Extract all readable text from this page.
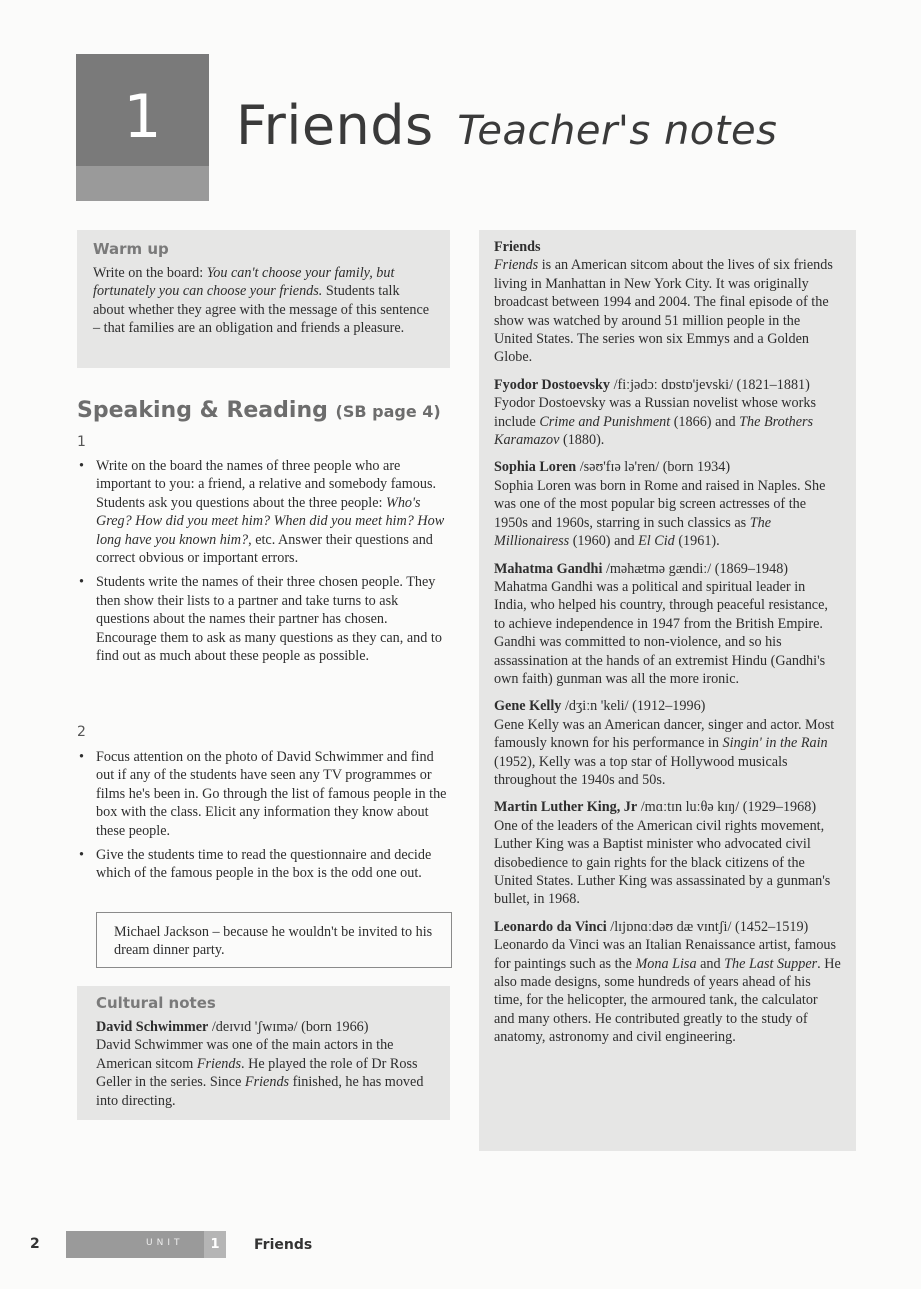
1	Friends Teacher's notes
Warm up

Write on the board: You can't choose your family, but fortunately you can choose your friends. Students talk about whether they agree with the message of this sentence – that families are an obligation and friends a pleasure.

Speaking & Reading (SB page 4)
1
• Write on the board the names of three people who are important to you: a friend, a relative and somebody famous. Students ask you questions about the three people: Who's Greg? How did you meet him? When did you meet him? How long have you known him?, etc. Answer their questions and correct obvious or important errors.
• Students write the names of their three chosen people. They then show their lists to a partner and take turns to ask questions about the names their partner has chosen. Encourage them to ask as many questions as they can, and to find out as much about these people as possible.
2
• Focus attention on the photo of David Schwimmer and find out if any of the students have seen any TV programmes or films he's been in. Go through the list of famous people in the box with the class. Elicit any information they know about these people.
• Give the students time to read the questionnaire and decide which of the famous people in the box is the odd one out.

Michael Jackson – because he wouldn't be invited to his dream dinner party.

Cultural notes

David Schwimmer /deɪvɪd 'ʃwɪmə/ (born 1966)
David Schwimmer was one of the main actors in the American sitcom Friends. He played the role of Dr Ross Geller in the series. Since Friends finished, he has moved into directing.

Friends
Friends is an American sitcom about the lives of six friends living in Manhattan in New York City. It was originally broadcast between 1994 and 2004. The final episode of the show was watched by around 51 million people in the United States. The series won six Emmys and a Golden Globe.

Fyodor Dostoevsky /fiːjədɔː dɒstɒ'jevski/ (1821–1881)
Fyodor Dostoevsky was a Russian novelist whose works include Crime and Punishment (1866) and The Brothers Karamazov (1880).

Sophia Loren /səʊ'fɪə lə'ren/ (born 1934)
Sophia Loren was born in Rome and raised in Naples. She was one of the most popular big screen actresses of the 1950s and 1960s, starring in such classics as The Millionairess (1960) and El Cid (1961).

Mahatma Gandhi /məhætmə gændiː/ (1869–1948)
Mahatma Gandhi was a political and spiritual leader in India, who helped his country, through peaceful resistance, to achieve independence in 1947 from the British Empire. Gandhi was committed to non-violence, and so his assassination at the hands of an extremist Hindu (Gandhi's own faith) gunman was all the more ironic.

Gene Kelly /dʒiːn 'keli/ (1912–1996)
Gene Kelly was an American dancer, singer and actor. Most famously known for his performance in Singin' in the Rain (1952), Kelly was a top star of Hollywood musicals throughout the 1940s and 50s.

Martin Luther King, Jr /mɑːtɪn luːθə kɪŋ/ (1929–1968)
One of the leaders of the American civil rights movement, Luther King was a Baptist minister who advocated civil disobedience to gain rights for the black citizens of the United States. Luther King was assassinated by a gunman's bullet, in 1968.

Leonardo da Vinci /lɪjɒnɑːdəʊ dæ vɪntʃi/ (1452–1519)
Leonardo da Vinci was an Italian Renaissance artist, famous for paintings such as the Mona Lisa and The Last Supper. He also made designs, some hundreds of years ahead of his time, for the helicopter, the armoured tank, the calculator and many others. He contributed greatly to the study of anatomy, astronomy and civil engineering.

2	UNIT	1	Friends
